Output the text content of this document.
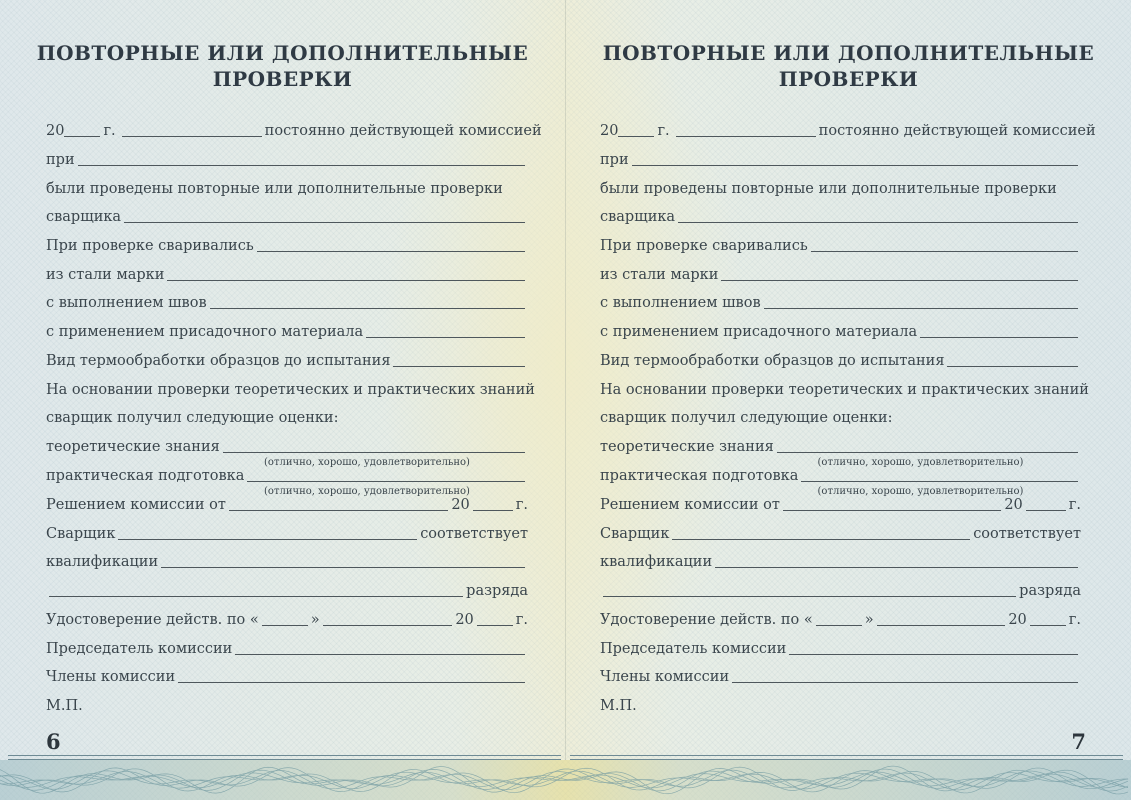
ПОВТОРНЫЕ ИЛИ ДОПОЛНИТЕЛЬНЫЕ
ПРОВЕРКИ
20	г.	постоянно действующей комиссией
при
были проведены повторные или дополнительные проверки
сварщика
При проверке сваривались
из стали марки
с выполнением швов
с применением присадочного материала
Вид термообработки образцов до испытания
На основании проверки теоретических и практических знаний
сварщик получил следующие оценки:
теоретические знания
(отлично, хорошо, удовлетворительно)
практическая подготовка
(отлично, хорошо, удовлетворительно)
Решением комиссии от	20	г.
Сварщик	соответствует
квалификации
разряда
Удостоверение действ. по «	»	20	г.
Председатель комиссии
Члены комиссии
М.П.
6
ПОВТОРНЫЕ ИЛИ ДОПОЛНИТЕЛЬНЫЕ
ПРОВЕРКИ
20	г.	постоянно действующей комиссией
при
были проведены повторные или дополнительные проверки
сварщика
При проверке сваривались
из стали марки
с выполнением швов
с применением присадочного материала
Вид термообработки образцов до испытания
На основании проверки теоретических и практических знаний
сварщик получил следующие оценки:
теоретические знания
(отлично, хорошо, удовлетворительно)
практическая подготовка
(отлично, хорошо, удовлетворительно)
Решением комиссии от	20	г.
Сварщик	соответствует
квалификации
разряда
Удостоверение действ. по «	»	20	г.
Председатель комиссии
Члены комиссии
М.П.
7
